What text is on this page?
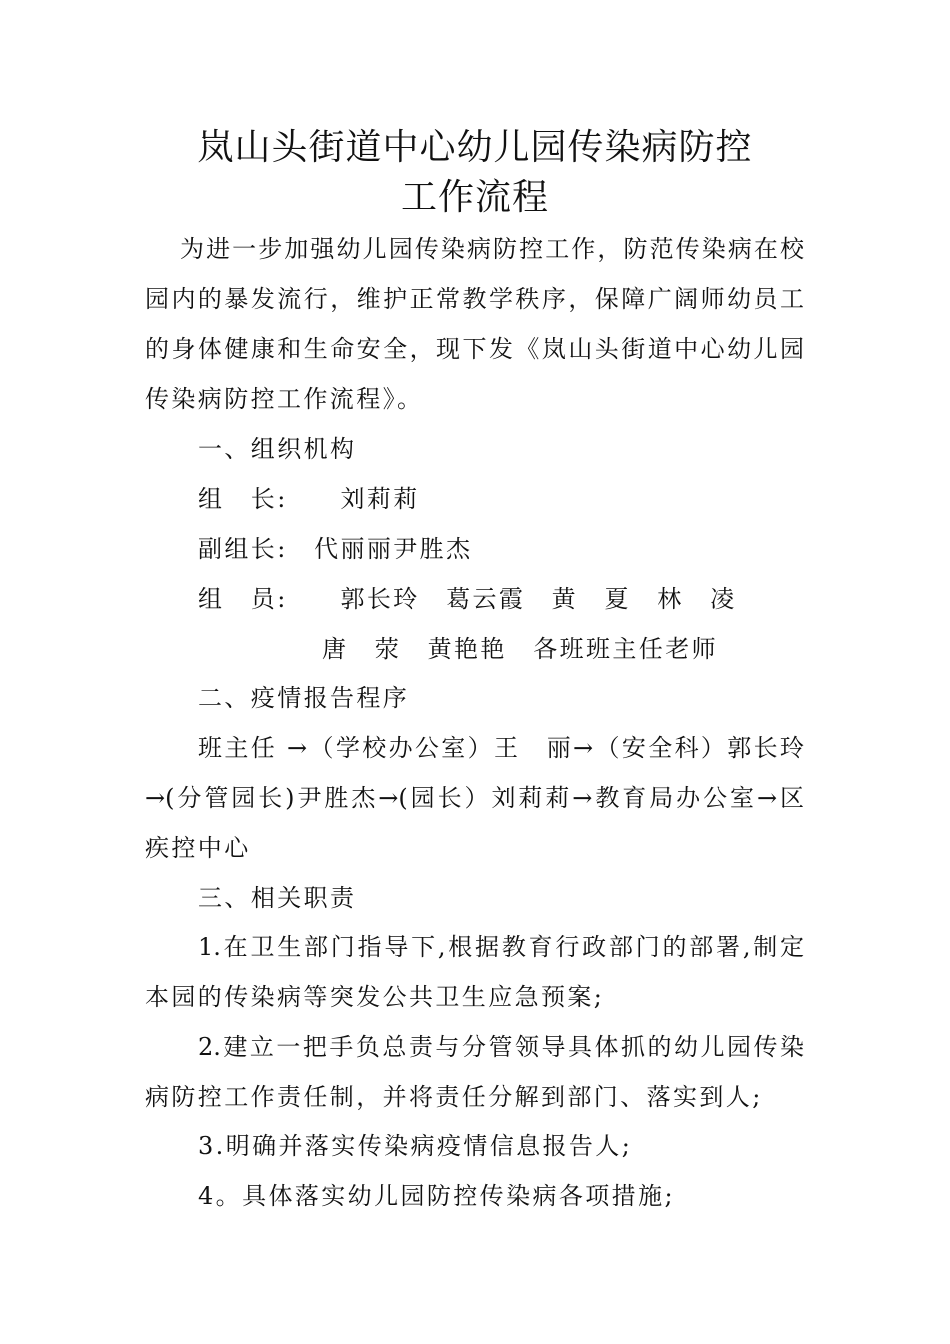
岚山头街道中心幼儿园传染病防控
工作流程
为进一步加强幼儿园传染病防控工作，防范传染病在校
园内的暴发流行，维护正常教学秩序，保障广阔师幼员工
的身体健康和生命安全，现下发《岚山头街道中心幼儿园
传染病防控工作流程》。
一、组织机构
组　长:　　刘莉莉
副组长:　代丽丽尹胜杰
组　员:　　郭长玲　葛云霞　黄　夏　林　凌
唐　荥　黄艳艳　各班班主任老师
二、疫情报告程序
班主任 →（学校办公室）王　丽→（安全科）郭长玲
→(分管园长)尹胜杰→(园长）刘莉莉→教育局办公室→区
疾控中心
三、相关职责
1.在卫生部门指导下,根据教育行政部门的部署,制定
本园的传染病等突发公共卫生应急预案;
2.建立一把手负总责与分管领导具体抓的幼儿园传染
病防控工作责任制，并将责任分解到部门、落实到人;
3.明确并落实传染病疫情信息报告人;
4。具体落实幼儿园防控传染病各项措施;
